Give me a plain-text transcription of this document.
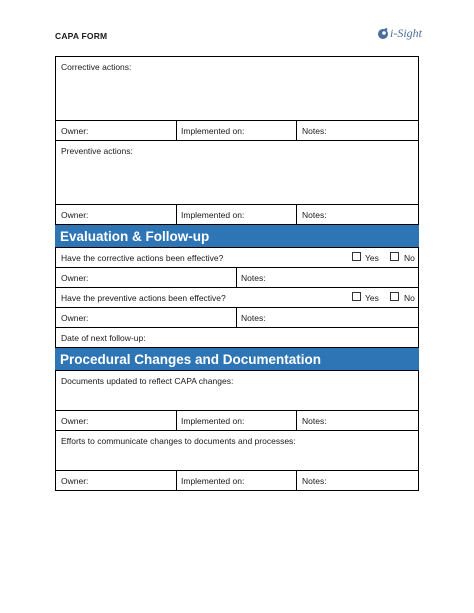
CAPA FORM	i-Sight
Corrective actions:
Owner:	Implemented on:	Notes:
Preventive actions:
Owner:	Implemented on:	Notes:
Evaluation & Follow-up
Have the corrective actions been effective?	Yes	No
Owner:	Notes:
Have the preventive actions been effective?	Yes	No
Owner:	Notes:
Date of next follow-up:
Procedural Changes and Documentation
Documents updated to reflect CAPA changes:
Owner:	Implemented on:	Notes:
Efforts to communicate changes to documents and processes:
Owner:	Implemented on:	Notes:
